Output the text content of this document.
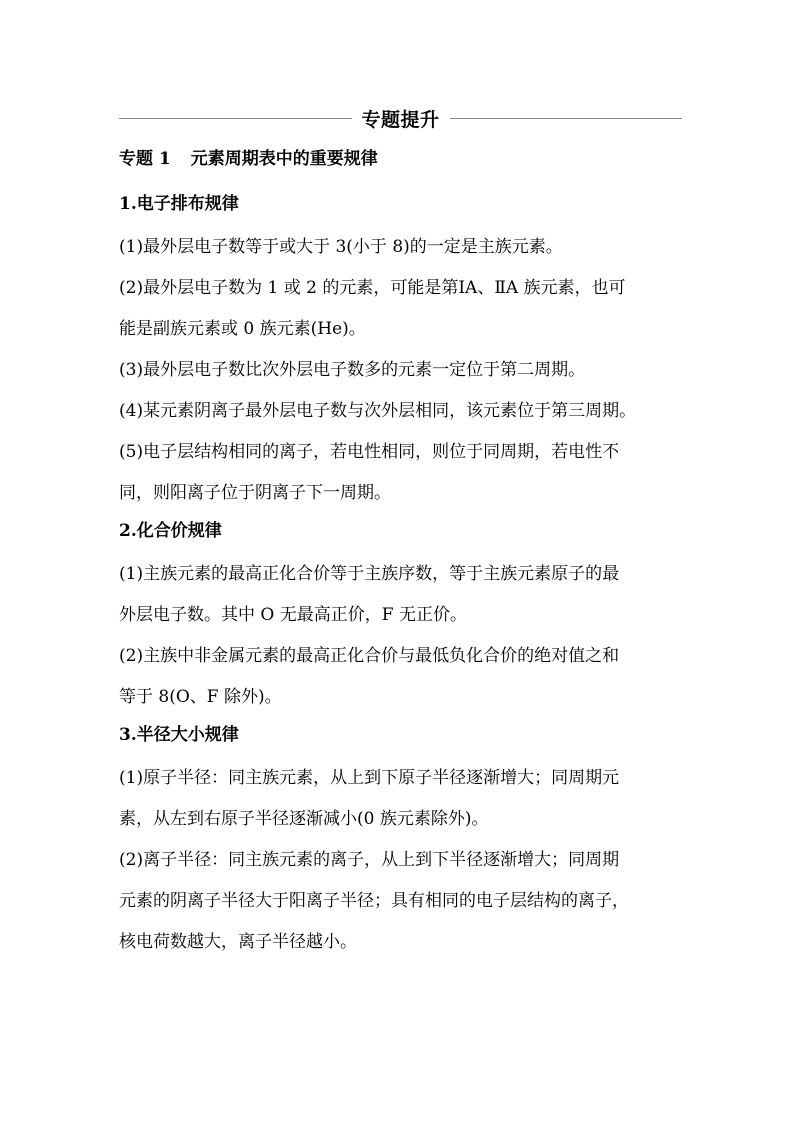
专题提升
专题 1 元素周期表中的重要规律
1.电子排布规律
(1)最外层电子数等于或大于 3(小于 8)的一定是主族元素。
(2)最外层电子数为 1 或 2 的元素，可能是第ⅠA、ⅡA 族元素，也可
能是副族元素或 0 族元素(He)。
(3)最外层电子数比次外层电子数多的元素一定位于第二周期。
(4)某元素阴离子最外层电子数与次外层相同，该元素位于第三周期。
(5)电子层结构相同的离子，若电性相同，则位于同周期，若电性不
同，则阳离子位于阴离子下一周期。
2.化合价规律
(1)主族元素的最高正化合价等于主族序数，等于主族元素原子的最
外层电子数。其中 O 无最高正价，F 无正价。
(2)主族中非金属元素的最高正化合价与最低负化合价的绝对值之和
等于 8(O、F 除外)。
3.半径大小规律
(1)原子半径：同主族元素，从上到下原子半径逐渐增大；同周期元
素，从左到右原子半径逐渐减小(0 族元素除外)。
(2)离子半径：同主族元素的离子，从上到下半径逐渐增大；同周期
元素的阴离子半径大于阳离子半径；具有相同的电子层结构的离子，
核电荷数越大，离子半径越小。
